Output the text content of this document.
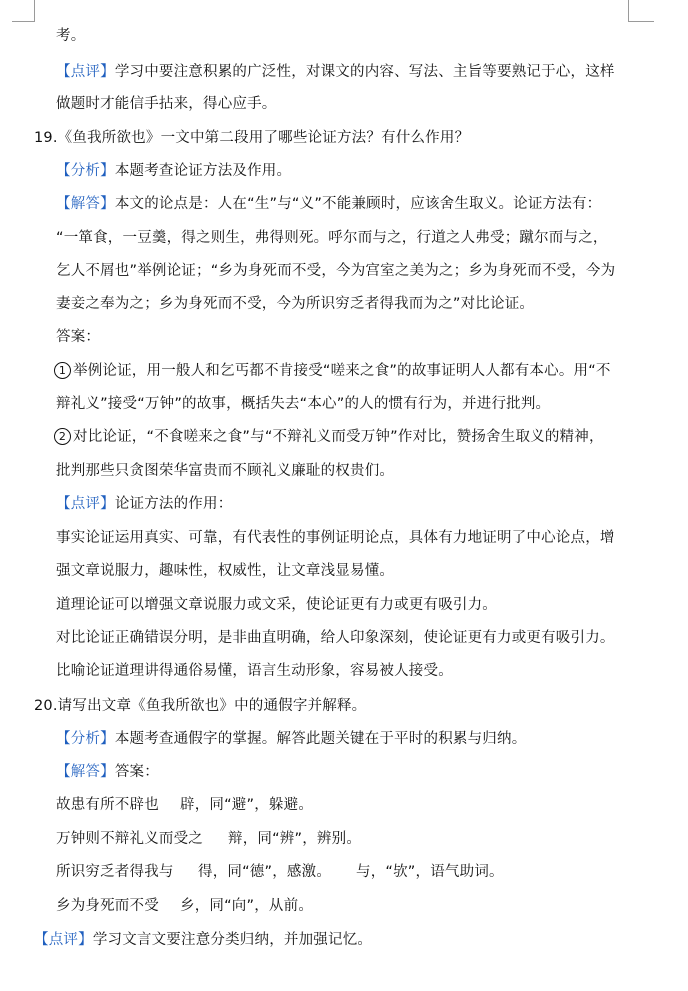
考。
【点评】学习中要注意积累的广泛性，对课文的内容、写法、主旨等要熟记于心，这样
做题时才能信手拈来，得心应手。
19.《鱼我所欲也》一文中第二段用了哪些论证方法？有什么作用？
【分析】本题考查论证方法及作用。
【解答】本文的论点是：人在“生”与“义”不能兼顾时，应该舍生取义。论证方法有：
“一箪食，一豆羹，得之则生，弗得则死。呼尔而与之，行道之人弗受；蹴尔而与之，
乞人不屑也”举例论证；“乡为身死而不受，今为宫室之美为之；乡为身死而不受，今为
妻妾之奉为之；乡为身死而不受，今为所识穷乏者得我而为之”对比论证。
答案：
1 举例论证，用一般人和乞丐都不肯接受“嗟来之食”的故事证明人人都有本心。用“不
辩礼义”接受“万钟”的故事，概括失去“本心”的人的惯有行为，并进行批判。
2 对比论证，“不食嗟来之食”与“不辩礼义而受万钟”作对比，赞扬舍生取义的精神，
批判那些只贪图荣华富贵而不顾礼义廉耻的权贵们。
【点评】论证方法的作用：
事实论证运用真实、可靠，有代表性的事例证明论点，具体有力地证明了中心论点，增
强文章说服力，趣味性，权威性，让文章浅显易懂。
道理论证可以增强文章说服力或文采，使论证更有力或更有吸引力。
对比论证正确错误分明，是非曲直明确，给人印象深刻，使论证更有力或更有吸引力。
比喻论证道理讲得通俗易懂，语言生动形象，容易被人接受。
20.请写出文章《鱼我所欲也》中的通假字并解释。
【分析】本题考查通假字的掌握。解答此题关键在于平时的积累与归纳。
【解答】答案：
故患有所不辟也 辟，同“避”，躲避。
万钟则不辩礼义而受之 辩，同“辨”，辨别。
所识穷乏者得我与 得，同“德”，感激。 与，“欤”，语气助词。
乡为身死而不受 乡，同“向”，从前。
【点评】学习文言文要注意分类归纳，并加强记忆。
